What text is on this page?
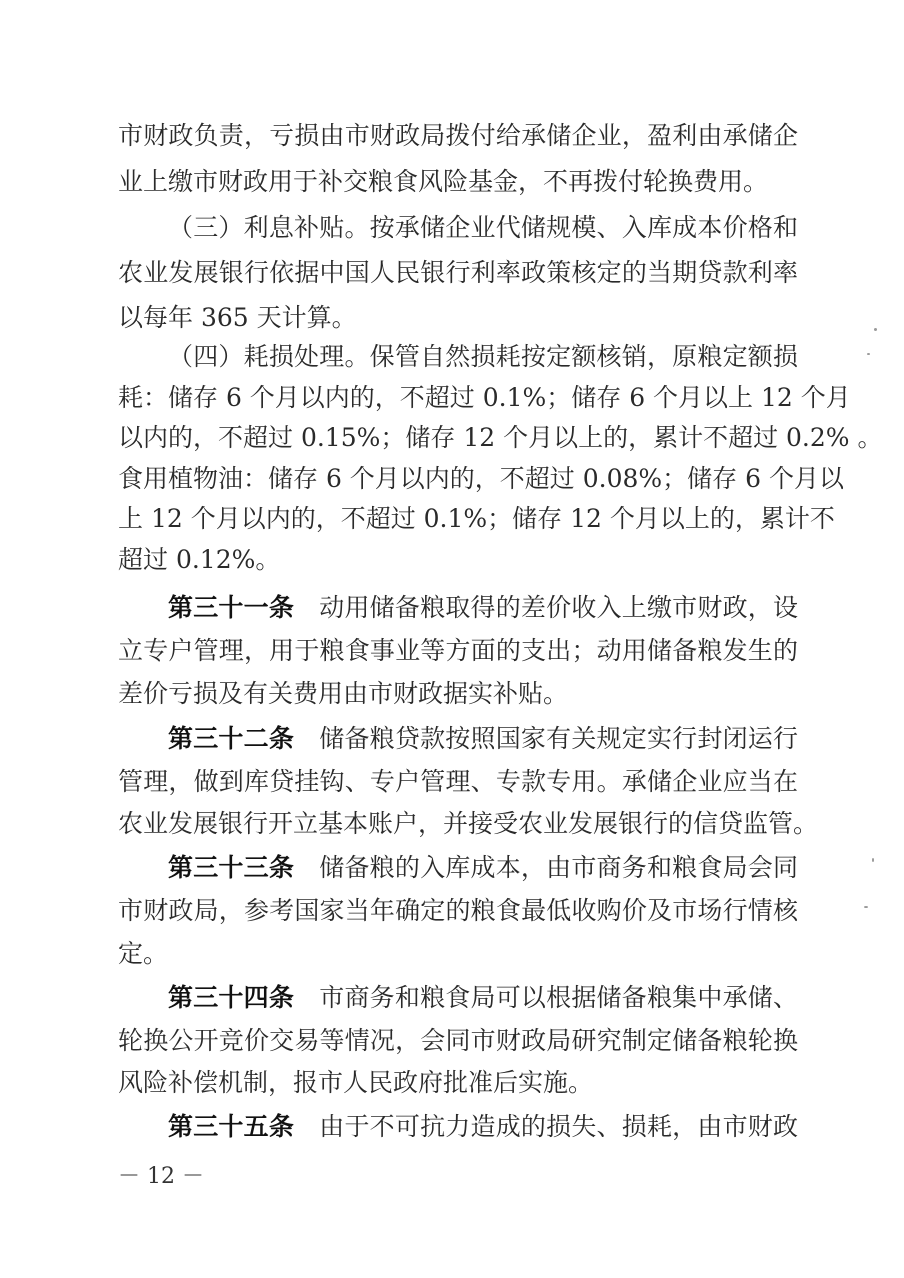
市财政负责，亏损由市财政局拨付给承储企业，盈利由承储企
业上缴市财政用于补交粮食风险基金，不再拨付轮换费用。
（三）利息补贴。按承储企业代储规模、入库成本价格和
农业发展银行依据中国人民银行利率政策核定的当期贷款利率
以每年 365 天计算。
（四）耗损处理。保管自然损耗按定额核销，原粮定额损
耗：储存 6 个月以内的，不超过 0.1%；储存 6 个月以上 12 个月
以内的，不超过 0.15%；储存 12 个月以上的，累计不超过 0.2% 。
食用植物油：储存 6 个月以内的，不超过 0.08%；储存 6 个月以
上 12 个月以内的，不超过 0.1%；储存 12 个月以上的，累计不
超过 0.12%。
第三十一条  动用储备粮取得的差价收入上缴市财政，设
立专户管理，用于粮食事业等方面的支出；动用储备粮发生的
差价亏损及有关费用由市财政据实补贴。
第三十二条  储备粮贷款按照国家有关规定实行封闭运行
管理，做到库贷挂钩、专户管理、专款专用。承储企业应当在
农业发展银行开立基本账户，并接受农业发展银行的信贷监管。
第三十三条  储备粮的入库成本，由市商务和粮食局会同
市财政局，参考国家当年确定的粮食最低收购价及市场行情核
定。
第三十四条  市商务和粮食局可以根据储备粮集中承储、
轮换公开竞价交易等情况，会同市财政局研究制定储备粮轮换
风险补偿机制，报市人民政府批准后实施。
第三十五条  由于不可抗力造成的损失、损耗，由市财政
－ 12 －
